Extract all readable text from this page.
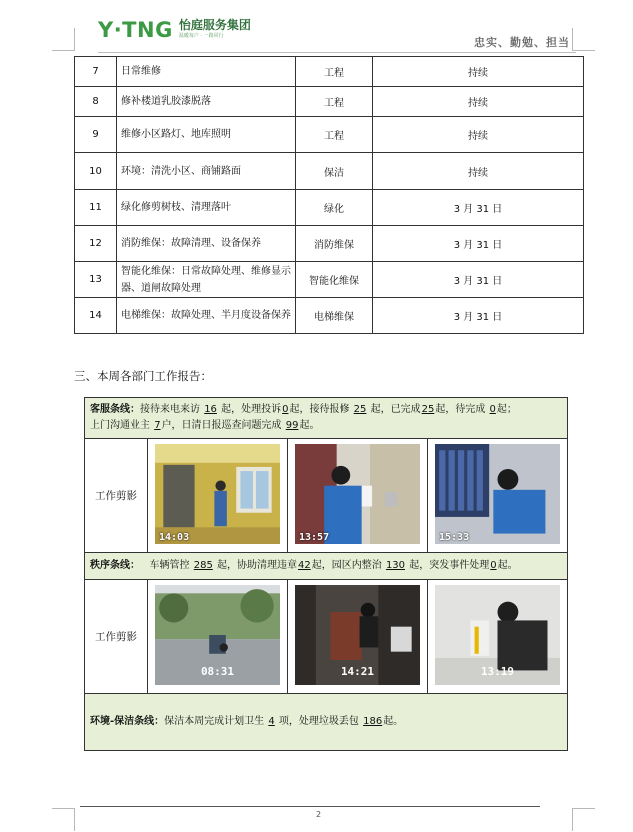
Y·TNG 怡庭服务集团
温暖每户 · 一路同行	忠实、勤勉、担当
7	日常维修	工程	持续
8	修补楼道乳胶漆脱落	工程	持续
9	维修小区路灯、地库照明	工程	持续
10	环境：清洗小区、商铺路面	保洁	持续
11	绿化修剪树枝、清理落叶	绿化	3 月 31 日
12	消防维保：故障清理、设备保养	消防维保	3 月 31 日
13	智能化维保：日常故障处理、维修显示器、道闸故障处理	智能化维保	3 月 31 日
14	电梯维保：故障处理、半月度设备保养	电梯维保	3 月 31 日
三、本周各部门工作报告：
客服条线：接待来电来访 16 起，处理投诉0起，接待报修 25 起，已完成25起，待完成 0起；
上门沟通业主 7户，日清日报巡查问题完成 99起。			
工作剪影	14:03	13:57	15:33

秩序条线： 车辆管控 285 起，协助清理违章42起，园区内整治 130 起，突发事件处理0起。			
工作剪影	08:31	14:21	13:19

环境-保洁条线：保洁本周完成计划卫生 4 项，处理垃圾丢包 186起。			
2
